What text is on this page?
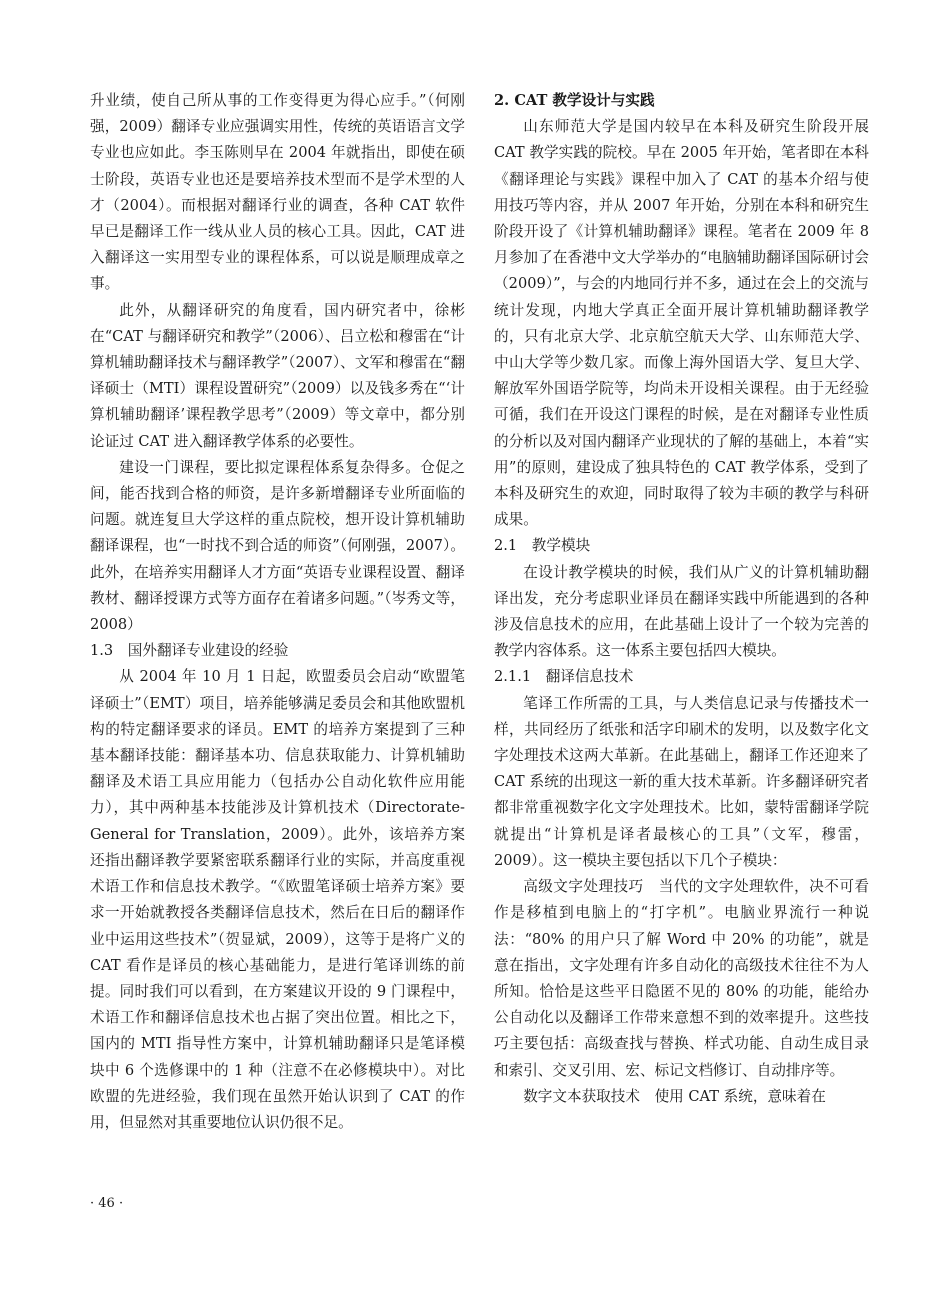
升业绩，使自己所从事的工作变得更为得心应手。”（何刚强，2009）翻译专业应强调实用性，传统的英语语言文学专业也应如此。李玉陈则早在 2004 年就指出，即使在硕士阶段，英语专业也还是要培养技术型而不是学术型的人才（2004）。而根据对翻译行业的调查，各种 CAT 软件早已是翻译工作一线从业人员的核心工具。因此，CAT 进入翻译这一实用型专业的课程体系，可以说是顺理成章之事。

此外，从翻译研究的角度看，国内研究者中，徐彬在“CAT 与翻译研究和教学”（2006）、吕立松和穆雷在“计算机辅助翻译技术与翻译教学”（2007）、文军和穆雷在“翻译硕士（MTI）课程设置研究”（2009）以及钱多秀在“‘计算机辅助翻译’课程教学思考”（2009）等文章中，都分别论证过 CAT 进入翻译教学体系的必要性。

建设一门课程，要比拟定课程体系复杂得多。仓促之间，能否找到合格的师资，是许多新增翻译专业所面临的问题。就连复旦大学这样的重点院校，想开设计算机辅助翻译课程，也“一时找不到合适的师资”（何刚强，2007）。此外，在培养实用翻译人才方面“英语专业课程设置、翻译教材、翻译授课方式等方面存在着诸多问题。”（岑秀文等，2008）

1.3　国外翻译专业建设的经验

从 2004 年 10 月 1 日起，欧盟委员会启动“欧盟笔译硕士”（EMT）项目，培养能够满足委员会和其他欧盟机构的特定翻译要求的译员。EMT 的培养方案提到了三种基本翻译技能：翻译基本功、信息获取能力、计算机辅助翻译及术语工具应用能力（包括办公自动化软件应用能力），其中两种基本技能涉及计算机技术（Directorate-General for Translation，2009）。此外，该培养方案还指出翻译教学要紧密联系翻译行业的实际，并高度重视术语工作和信息技术教学。“《欧盟笔译硕士培养方案》要求一开始就教授各类翻译信息技术，然后在日后的翻译作业中运用这些技术”（贺显斌，2009），这等于是将广义的 CAT 看作是译员的核心基础能力，是进行笔译训练的前提。同时我们可以看到，在方案建议开设的 9 门课程中，术语工作和翻译信息技术也占据了突出位置。相比之下，国内的 MTI 指导性方案中，计算机辅助翻译只是笔译模块中 6 个选修课中的 1 种（注意不在必修模块中）。对比欧盟的先进经验，我们现在虽然开始认识到了 CAT 的作用，但显然对其重要地位认识仍很不足。

2. CAT 教学设计与实践

山东师范大学是国内较早在本科及研究生阶段开展 CAT 教学实践的院校。早在 2005 年开始，笔者即在本科《翻译理论与实践》课程中加入了 CAT 的基本介绍与使用技巧等内容，并从 2007 年开始，分别在本科和研究生阶段开设了《计算机辅助翻译》课程。笔者在 2009 年 8 月参加了在香港中文大学举办的“电脑辅助翻译国际研讨会（2009）”，与会的内地同行并不多，通过在会上的交流与统计发现，内地大学真正全面开展计算机辅助翻译教学的，只有北京大学、北京航空航天大学、山东师范大学、中山大学等少数几家。而像上海外国语大学、复旦大学、解放军外国语学院等，均尚未开设相关课程。由于无经验可循，我们在开设这门课程的时候，是在对翻译专业性质的分析以及对国内翻译产业现状的了解的基础上，本着“实用”的原则，建设成了独具特色的 CAT 教学体系，受到了本科及研究生的欢迎，同时取得了较为丰硕的教学与科研成果。

2.1　教学模块

在设计教学模块的时候，我们从广义的计算机辅助翻译出发，充分考虑职业译员在翻译实践中所能遇到的各种涉及信息技术的应用，在此基础上设计了一个较为完善的教学内容体系。这一体系主要包括四大模块。

2.1.1　翻译信息技术

笔译工作所需的工具，与人类信息记录与传播技术一样，共同经历了纸张和活字印刷术的发明，以及数字化文字处理技术这两大革新。在此基础上，翻译工作还迎来了 CAT 系统的出现这一新的重大技术革新。许多翻译研究者都非常重视数字化文字处理技术。比如，蒙特雷翻译学院就提出“计算机是译者最核心的工具”（文军，穆雷，2009）。这一模块主要包括以下几个子模块：

高级文字处理技巧　 当代的文字处理软件，决不可看作是移植到电脑上的“打字机”。电脑业界流行一种说法：“80% 的用户只了解 Word 中 20% 的功能”，就是意在指出，文字处理有许多自动化的高级技术往往不为人所知。恰恰是这些平日隐匿不见的 80% 的功能，能给办公自动化以及翻译工作带来意想不到的效率提升。这些技巧主要包括：高级查找与替换、样式功能、自动生成目录和索引、交叉引用、宏、标记文档修订、自动排序等。

数字文本获取技术　 使用 CAT 系统，意味着在

· 46 ·
